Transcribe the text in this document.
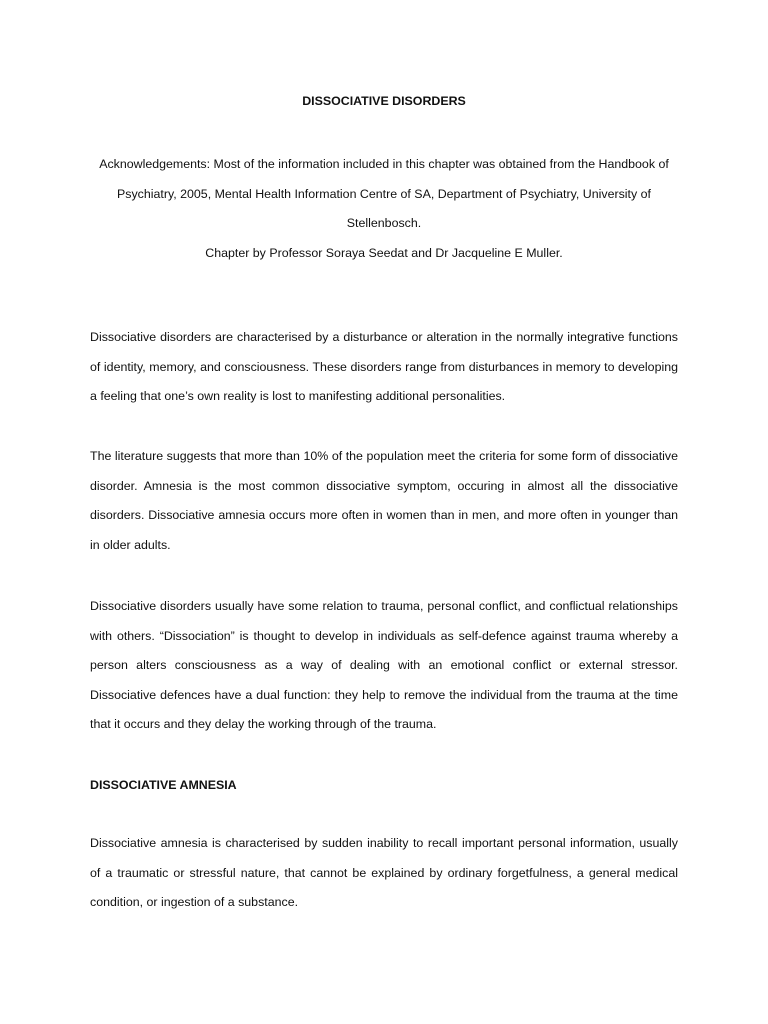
DISSOCIATIVE DISORDERS
Acknowledgements: Most of the information included in this chapter was obtained from the Handbook of Psychiatry, 2005, Mental Health Information Centre of SA, Department of Psychiatry, University of Stellenbosch.
Chapter by Professor Soraya Seedat and Dr Jacqueline E Muller.

Dissociative disorders are characterised by a disturbance or alteration in the normally integrative functions of identity, memory, and consciousness. These disorders range from disturbances in memory to developing a feeling that one’s own reality is lost to manifesting additional personalities.

The literature suggests that more than 10% of the population meet the criteria for some form of dissociative disorder. Amnesia is the most common dissociative symptom, occuring in almost all the dissociative disorders. Dissociative amnesia occurs more often in women than in men, and more often in younger than in older adults.

Dissociative disorders usually have some relation to trauma, personal conflict, and conflictual relationships with others. “Dissociation” is thought to develop in individuals as self-defence against trauma whereby a person alters consciousness as a way of dealing with an emotional conflict or external stressor. Dissociative defences have a dual function: they help to remove the individual from the trauma at the time that it occurs and they delay the working through of the trauma.

DISSOCIATIVE AMNESIA

Dissociative amnesia is characterised by sudden inability to recall important personal information, usually of a traumatic or stressful nature, that cannot be explained by ordinary forgetfulness, a general medical condition, or ingestion of a substance.
